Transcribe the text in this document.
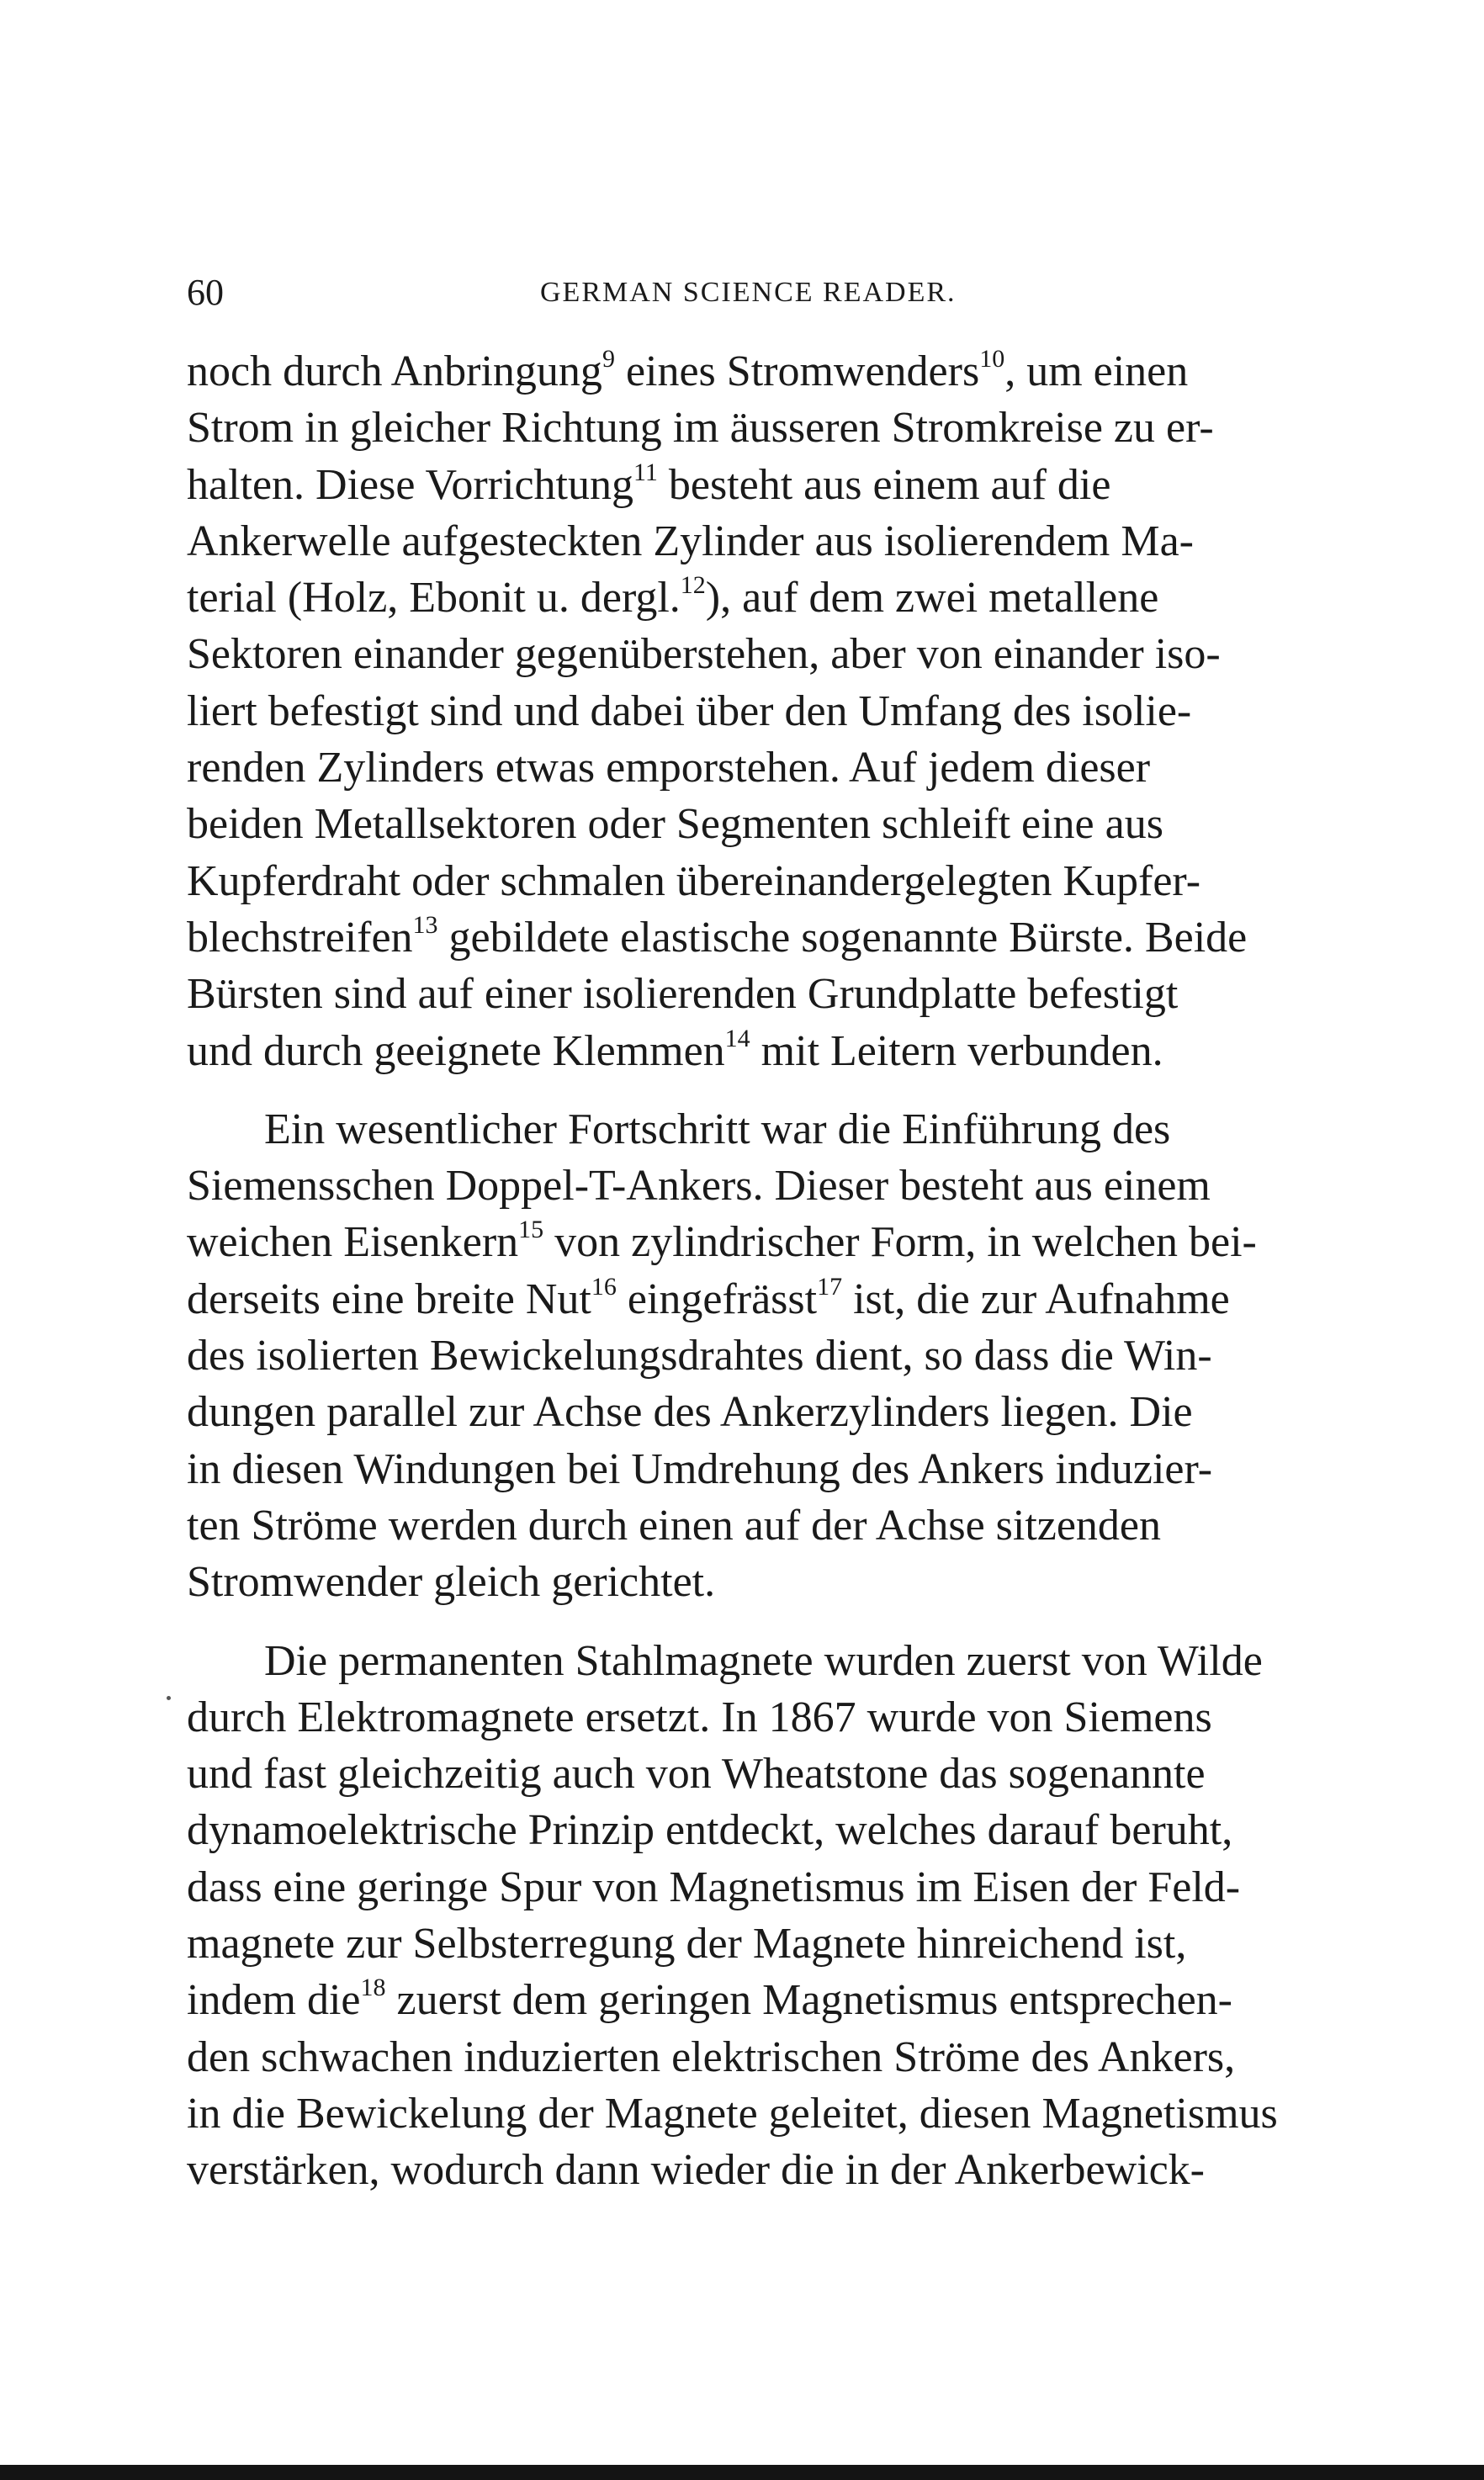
60	GERMAN SCIENCE READER.

noch durch Anbringung$^9$ eines Stromwenders$^{10}$, um einen
Strom in gleicher Richtung im äusseren Stromkreise zu er-
halten. Diese Vorrichtung$^{11}$ besteht aus einem auf die
Ankerwelle aufgesteckten Zylinder aus isolierendem Ma-
terial (Holz, Ebonit u. dergl.$^{12}$), auf dem zwei metallene
Sektoren einander gegenüberstehen, aber von einander iso-
liert befestigt sind und dabei über den Umfang des isolie-
renden Zylinders etwas emporstehen. Auf jedem dieser
beiden Metallsektoren oder Segmenten schleift eine aus
Kupferdraht oder schmalen übereinandergelegten Kupfer-
blechstreifen$^{13}$ gebildete elastische sogenannte Bürste. Beide
Bürsten sind auf einer isolierenden Grundplatte befestigt
und durch geeignete Klemmen$^{14}$ mit Leitern verbunden.

Ein wesentlicher Fortschritt war die Einführung des
Siemensschen Doppel-T-Ankers. Dieser besteht aus einem
weichen Eisenkern$^{15}$ von zylindrischer Form, in welchen bei-
derseits eine breite Nut$^{16}$ eingefrässt$^{17}$ ist, die zur Aufnahme
des isolierten Bewickelungsdrahtes dient, so dass die Win-
dungen parallel zur Achse des Ankerzylinders liegen. Die
in diesen Windungen bei Umdrehung des Ankers induzier-
ten Ströme werden durch einen auf der Achse sitzenden
Stromwender gleich gerichtet.

Die permanenten Stahlmagnete wurden zuerst von Wilde
durch Elektromagnete ersetzt. In 1867 wurde von Siemens
und fast gleichzeitig auch von Wheatstone das sogenannte
dynamoelektrische Prinzip entdeckt, welches darauf beruht,
dass eine geringe Spur von Magnetismus im Eisen der Feld-
magnete zur Selbsterregung der Magnete hinreichend ist,
indem die$^{18}$ zuerst dem geringen Magnetismus entsprechen-
den schwachen induzierten elektrischen Ströme des Ankers,
in die Bewickelung der Magnete geleitet, diesen Magnetismus
verstärken, wodurch dann wieder die in der Ankerbewick-
